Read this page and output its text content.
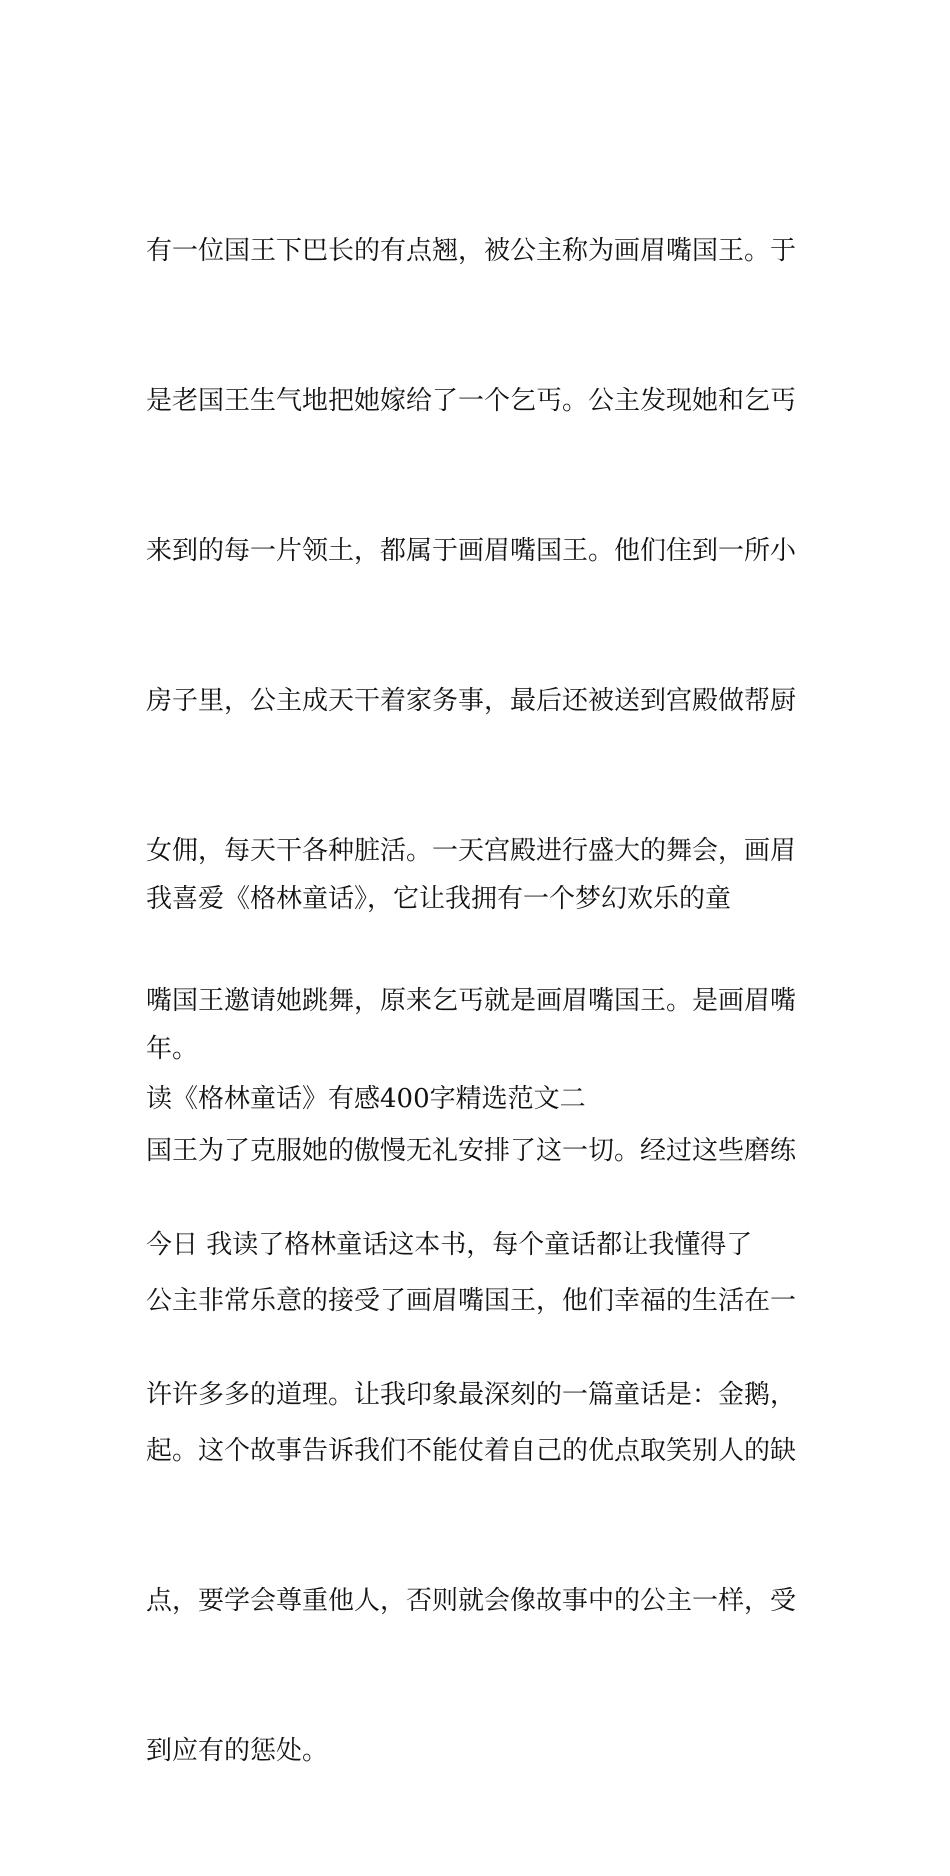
有一位国王下巴长的有点翘，被公主称为画眉嘴国王。于

是老国王生气地把她嫁给了一个乞丐。公主发现她和乞丐

来到的每一片领土，都属于画眉嘴国王。他们住到一所小

房子里，公主成天干着家务事，最后还被送到宫殿做帮厨

女佣，每天干各种脏活。一天宫殿进行盛大的舞会，画眉

嘴国王邀请她跳舞，原来乞丐就是画眉嘴国王。是画眉嘴

国王为了克服她的傲慢无礼安排了这一切。经过这些磨练

公主非常乐意的接受了画眉嘴国王，他们幸福的生活在一

起。这个故事告诉我们不能仗着自己的优点取笑别人的缺

点，要学会尊重他人，否则就会像故事中的公主一样，受

到应有的惩处。

我喜爱《格林童话》，它让我拥有一个梦幻欢乐的童

年。

读《格林童话》有感400字精选范文二

今日 我读了格林童话这本书，每个童话都让我懂得了

许许多多的道理。让我印象最深刻的一篇童话是：金鹅，
